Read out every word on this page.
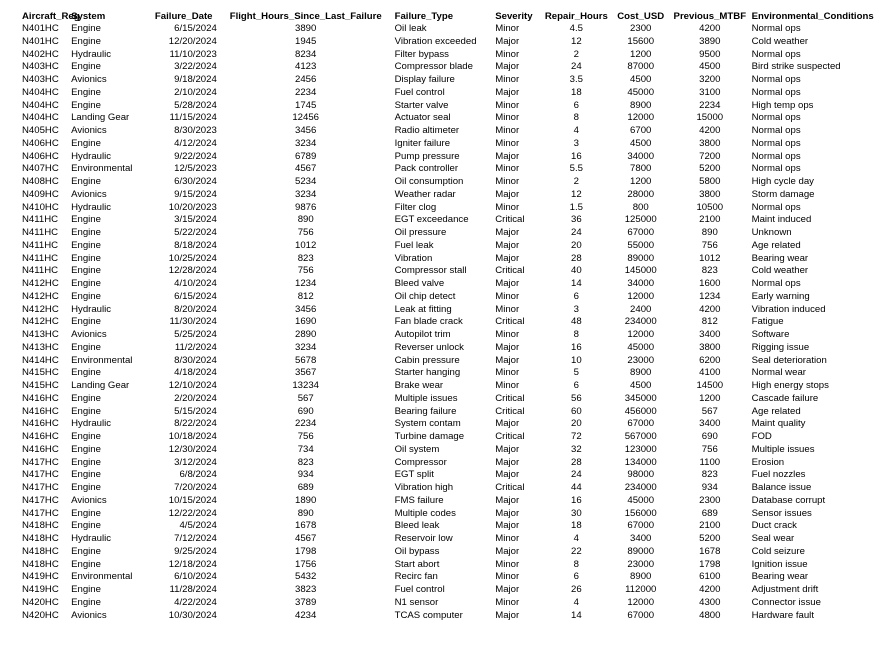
Aircraft_Reg	System	Failure_Date	Flight_Hours_Since_Last_Failure	Failure_Type	Severity	Repair_Hours	Cost_USD	Previous_MTBF	Environmental_Conditions
N401HC	Engine	6/15/2024	3890	Oil leak	Minor	4.5	2300	4200	Normal ops
N401HC	Engine	12/20/2024	1945	Vibration exceeded	Major	12	15600	3890	Cold weather
N402HC	Hydraulic	11/10/2023	8234	Filter bypass	Minor	2	1200	9500	Normal ops
N403HC	Engine	3/22/2024	4123	Compressor blade	Major	24	87000	4500	Bird strike suspected
N403HC	Avionics	9/18/2024	2456	Display failure	Minor	3.5	4500	3200	Normal ops
N404HC	Engine	2/10/2024	2234	Fuel control	Major	18	45000	3100	Normal ops
N404HC	Engine	5/28/2024	1745	Starter valve	Minor	6	8900	2234	High temp ops
N404HC	Landing Gear	11/15/2024	12456	Actuator seal	Minor	8	12000	15000	Normal ops
N405HC	Avionics	8/30/2023	3456	Radio altimeter	Minor	4	6700	4200	Normal ops
N406HC	Engine	4/12/2024	3234	Igniter failure	Minor	3	4500	3800	Normal ops
N406HC	Hydraulic	9/22/2024	6789	Pump pressure	Major	16	34000	7200	Normal ops
N407HC	Environmental	12/5/2023	4567	Pack controller	Minor	5.5	7800	5200	Normal ops
N408HC	Engine	6/30/2024	5234	Oil consumption	Minor	2	1200	5800	High cycle day
N409HC	Avionics	9/15/2024	3234	Weather radar	Major	12	28000	3800	Storm damage
N410HC	Hydraulic	10/20/2023	9876	Filter clog	Minor	1.5	800	10500	Normal ops
N411HC	Engine	3/15/2024	890	EGT exceedance	Critical	36	125000	2100	Maint induced
N411HC	Engine	5/22/2024	756	Oil pressure	Major	24	67000	890	Unknown
N411HC	Engine	8/18/2024	1012	Fuel leak	Major	20	55000	756	Age related
N411HC	Engine	10/25/2024	823	Vibration	Major	28	89000	1012	Bearing wear
N411HC	Engine	12/28/2024	756	Compressor stall	Critical	40	145000	823	Cold weather
N412HC	Engine	4/10/2024	1234	Bleed valve	Major	14	34000	1600	Normal ops
N412HC	Engine	6/15/2024	812	Oil chip detect	Minor	6	12000	1234	Early warning
N412HC	Hydraulic	8/20/2024	3456	Leak at fitting	Minor	3	2400	4200	Vibration induced
N412HC	Engine	11/30/2024	1690	Fan blade crack	Critical	48	234000	812	Fatigue
N413HC	Avionics	5/25/2024	2890	Autopilot trim	Minor	8	12000	3400	Software
N413HC	Engine	11/2/2024	3234	Reverser unlock	Major	16	45000	3800	Rigging issue
N414HC	Environmental	8/30/2024	5678	Cabin pressure	Major	10	23000	6200	Seal deterioration
N415HC	Engine	4/18/2024	3567	Starter hanging	Minor	5	8900	4100	Normal wear
N415HC	Landing Gear	12/10/2024	13234	Brake wear	Minor	6	4500	14500	High energy stops
N416HC	Engine	2/20/2024	567	Multiple issues	Critical	56	345000	1200	Cascade failure
N416HC	Engine	5/15/2024	690	Bearing failure	Critical	60	456000	567	Age related
N416HC	Hydraulic	8/22/2024	2234	System contam	Major	20	67000	3400	Maint quality
N416HC	Engine	10/18/2024	756	Turbine damage	Critical	72	567000	690	FOD
N416HC	Engine	12/30/2024	734	Oil system	Major	32	123000	756	Multiple issues
N417HC	Engine	3/12/2024	823	Compressor	Major	28	134000	1100	Erosion
N417HC	Engine	6/8/2024	934	EGT split	Major	24	98000	823	Fuel nozzles
N417HC	Engine	7/20/2024	689	Vibration high	Critical	44	234000	934	Balance issue
N417HC	Avionics	10/15/2024	1890	FMS failure	Major	16	45000	2300	Database corrupt
N417HC	Engine	12/22/2024	890	Multiple codes	Major	30	156000	689	Sensor issues
N418HC	Engine	4/5/2024	1678	Bleed leak	Major	18	67000	2100	Duct crack
N418HC	Hydraulic	7/12/2024	4567	Reservoir low	Minor	4	3400	5200	Seal wear
N418HC	Engine	9/25/2024	1798	Oil bypass	Major	22	89000	1678	Cold seizure
N418HC	Engine	12/18/2024	1756	Start abort	Minor	8	23000	1798	Ignition issue
N419HC	Environmental	6/10/2024	5432	Recirc fan	Minor	6	8900	6100	Bearing wear
N419HC	Engine	11/28/2024	3823	Fuel control	Major	26	112000	4200	Adjustment drift
N420HC	Engine	4/22/2024	3789	N1 sensor	Minor	4	12000	4300	Connector issue
N420HC	Avionics	10/30/2024	4234	TCAS computer	Major	14	67000	4800	Hardware fault
